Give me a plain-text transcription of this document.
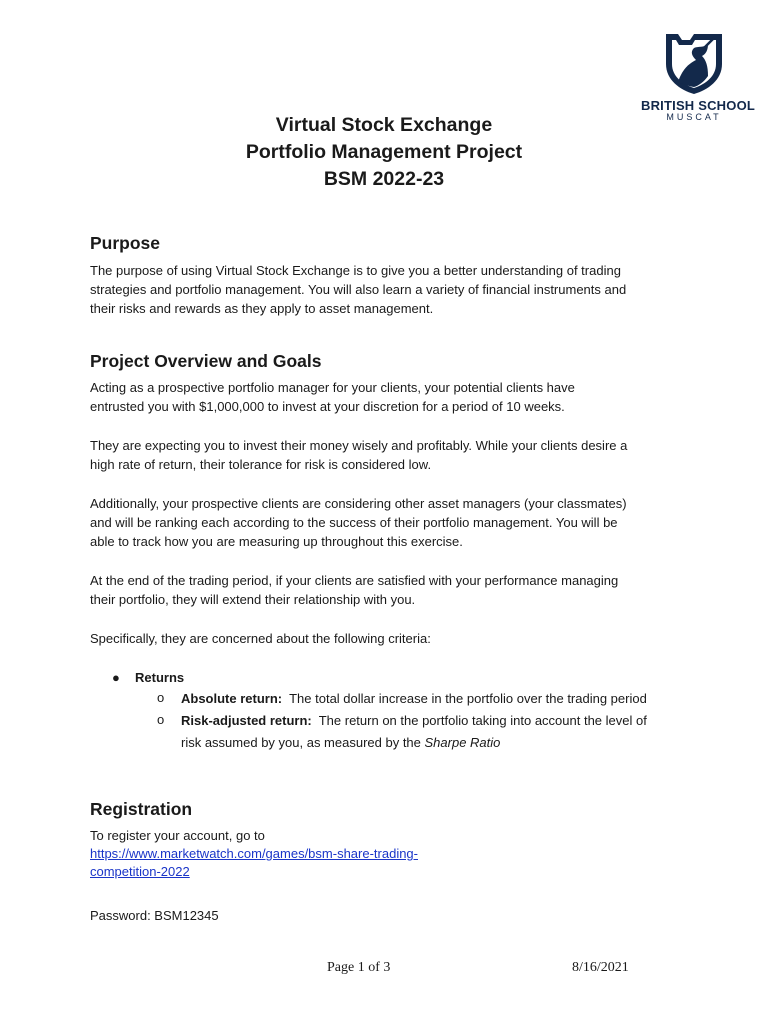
BRITISH SCHOOL
MUSCAT
Virtual Stock Exchange
Portfolio Management Project
BSM 2022-23
Purpose
The purpose of using Virtual Stock Exchange is to give you a better understanding of trading
strategies and portfolio management. You will also learn a variety of financial instruments and
their risks and rewards as they apply to asset management.
Project Overview and Goals
Acting as a prospective portfolio manager for your clients, your potential clients have
entrusted you with $1,000,000 to invest at your discretion for a period of 10 weeks.
They are expecting you to invest their money wisely and profitably. While your clients desire a
high rate of return, their tolerance for risk is considered low.
Additionally, your prospective clients are considering other asset managers (your classmates)
and will be ranking each according to the success of their portfolio management. You will be
able to track how you are measuring up throughout this exercise.
At the end of the trading period, if your clients are satisfied with your performance managing
their portfolio, they will extend their relationship with you.
Specifically, they are concerned about the following criteria:
● Returns
o Absolute return:  The total dollar increase in the portfolio over the trading period
o Risk-adjusted return:  The return on the portfolio taking into account the level of
risk assumed by you, as measured by the Sharpe Ratio
Registration
To register your account, go to
https://www.marketwatch.com/games/bsm-share-trading-
competition-2022
Password: BSM12345
Page 1 of 3	8/16/2021
